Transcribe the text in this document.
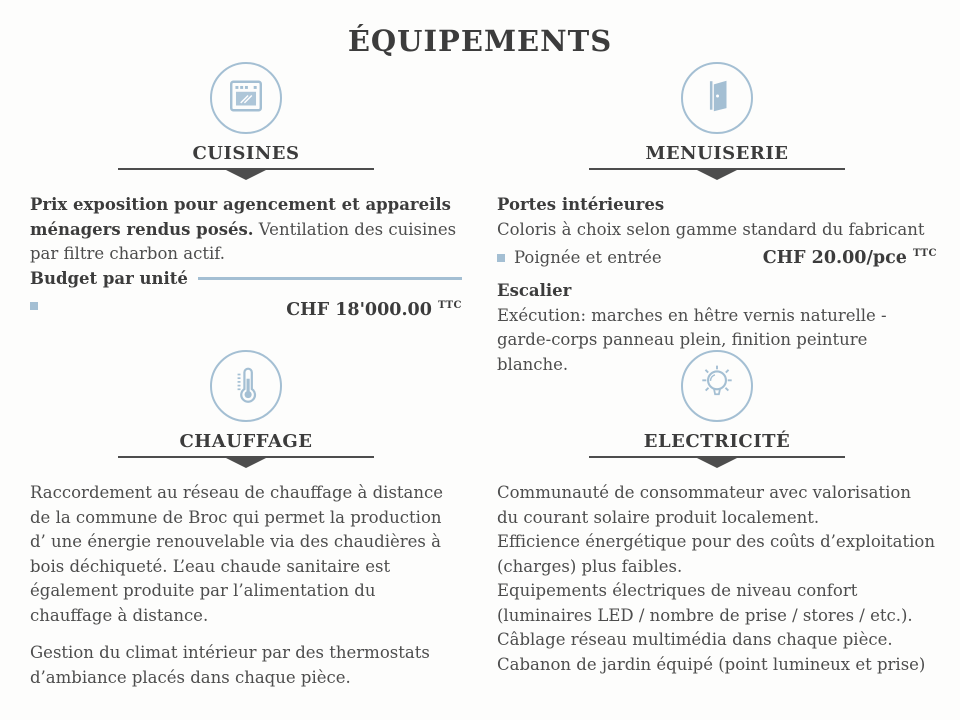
ÉQUIPEMENTS
CUISINES

Prix exposition pour agencement et appareils ménagers rendus posés. Ventilation des cuisines par filtre charbon actif.

Budget par unité
CHF 18'000.00 $^{TTC}$
MENUISERIE

Portes intérieures

Coloris à choix selon gamme standard du fabricant

Poignée et entrée	CHF 20.00/pce $^{TTC}$

Escalier

Exécution: marches en hêtre vernis naturelle - garde-corps panneau plein, finition peinture blanche.

CHAUFFAGE

Raccordement au réseau de chauffage à distance de la commune de Broc qui permet la production d’ une énergie renouvelable via des chaudières à bois déchiqueté. L’eau chaude sanitaire est également produite par l’alimentation du chauffage à distance.

Gestion du climat intérieur par des thermostats d’ambiance placés dans chaque pièce.

ELECTRICITÉ

Communauté de consommateur avec valorisation du courant solaire produit localement.

Efficience énergétique pour des coûts d’exploitation (charges) plus faibles.

Equipements électriques de niveau confort (luminaires LED / nombre de prise / stores / etc.).

Câblage réseau multimédia dans chaque pièce.

Cabanon de jardin équipé (point lumineux et prise)
